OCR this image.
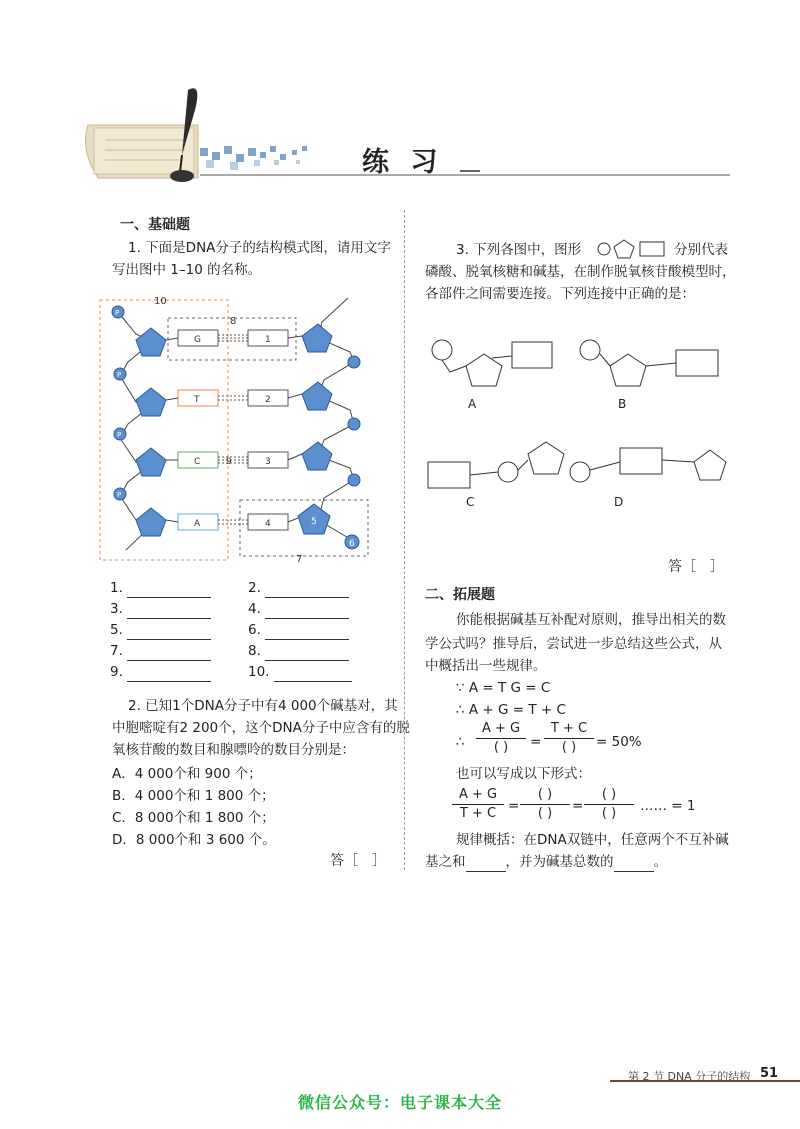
练 习
一、基础题
1. 下面是DNA分子的结构模式图，请用文字
写出图中 1–10 的名称。
10
8
7
P
P
P
P
6
5
G
T
C
A
1
2
3
4
9
1.	2.
3.	4.
5.	6.
7.	8.
9.	10.
2. 已知1个DNA分子中有4 000个碱基对，其
中胞嘧啶有2 200个，这个DNA分子中应含有的脱
氧核苷酸的数目和腺嘌呤的数目分别是：
A．4 000个和 900 个；
B．4 000个和 1 800 个；
C．8 000个和 1 800 个；
D．8 000个和 3 600 个。
答［　］
3. 下列各图中，图形	分别代表
磷酸、脱氧核糖和碱基，在制作脱氧核苷酸模型时，
各部件之间需要连接。下列连接中正确的是：
A	B
C	D
答［　］
二、拓展题
你能根据碱基互补配对原则，推导出相关的数
学公式吗？推导后，尝试进一步总结这些公式，从
中概括出一些规律。
∵ A = T G = C
∴ A + G = T + C
∴
A + G
( )	=
T + C
( )	= 50%
也可以写成以下形式：
A + G
T + C =
( )
( )	=
( )
( )	…… = 1
规律概括：在DNA双链中，任意两个不互补碱
基之和	，并为碱基总数的	。
第 2 节 DNA 分子的结构 51
微信公众号：电子课本大全
